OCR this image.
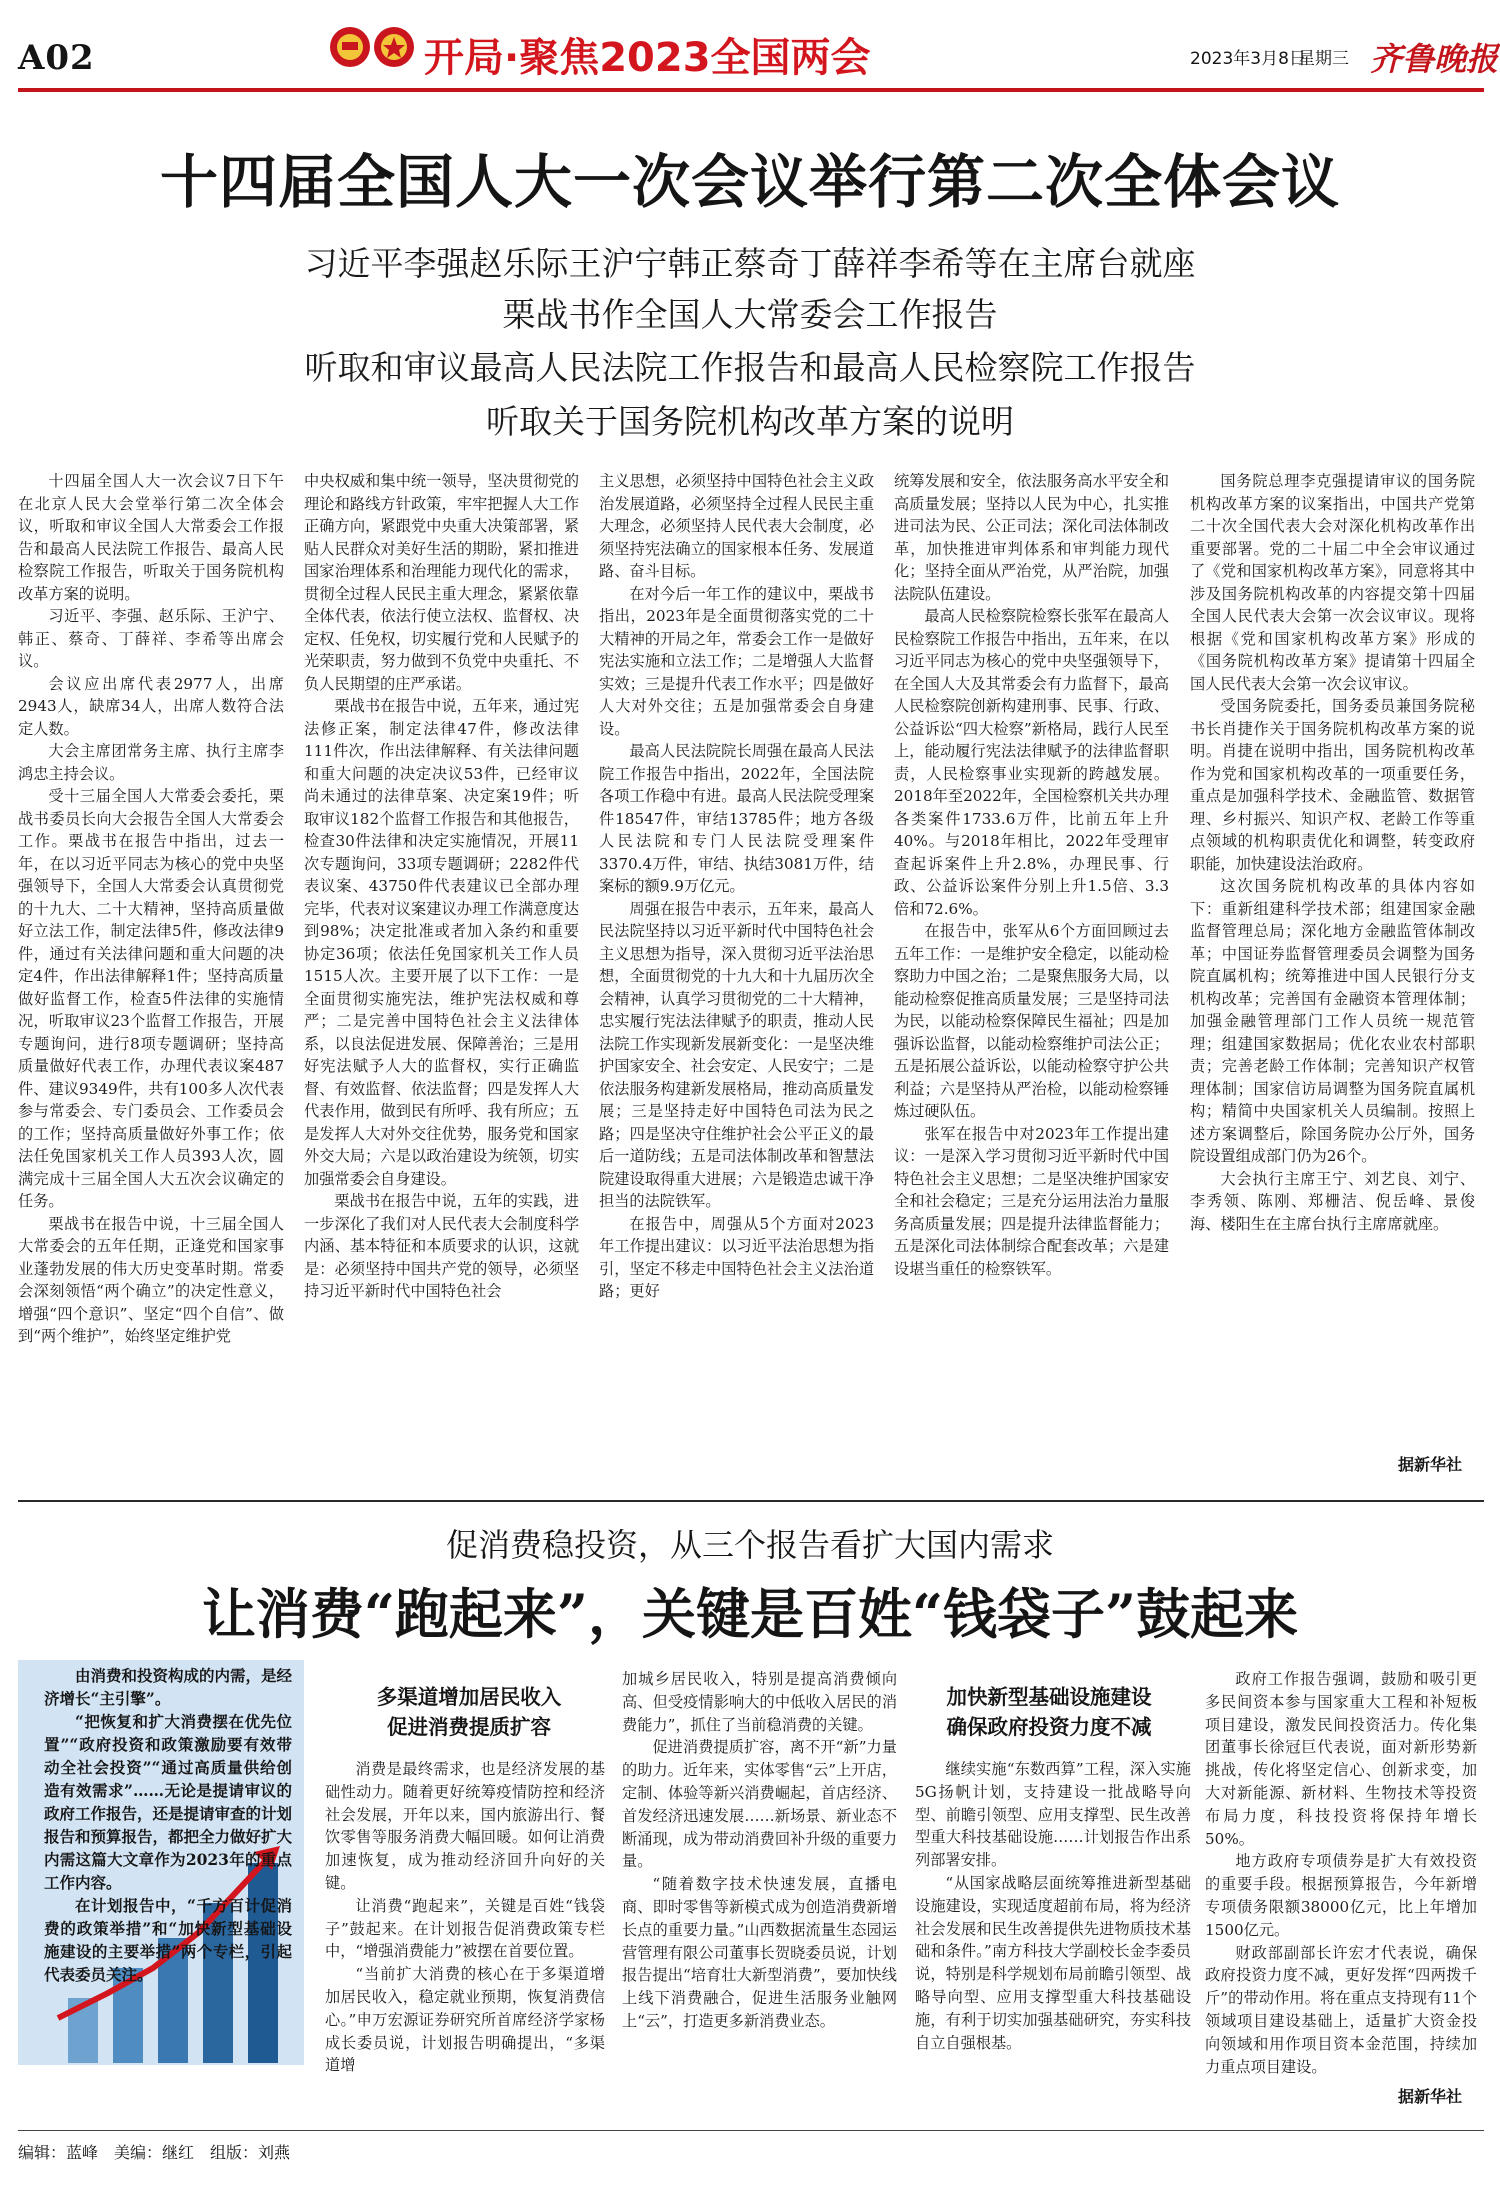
A02	开局·聚焦2023全国两会	2023年3月8日
星期三 齐鲁晚报
十四届全国人大一次会议举行第二次全体会议
习近平李强赵乐际王沪宁韩正蔡奇丁薛祥李希等在主席台就座
栗战书作全国人大常委会工作报告
听取和审议最高人民法院工作报告和最高人民检察院工作报告
听取关于国务院机构改革方案的说明

十四届全国人大一次会议7日下午在北京人民大会堂举行第二次全体会议，听取和审议全国人大常委会工作报告和最高人民法院工作报告、最高人民检察院工作报告，听取关于国务院机构改革方案的说明。

习近平、李强、赵乐际、王沪宁、韩正、蔡奇、丁薛祥、李希等出席会议。

会议应出席代表2977人，出席2943人，缺席34人，出席人数符合法定人数。

大会主席团常务主席、执行主席李鸿忠主持会议。

受十三届全国人大常委会委托，栗战书委员长向大会报告全国人大常委会工作。栗战书在报告中指出，过去一年，在以习近平同志为核心的党中央坚强领导下，全国人大常委会认真贯彻党的十九大、二十大精神，坚持高质量做好立法工作，制定法律5件，修改法律9件，通过有关法律问题和重大问题的决定4件，作出法律解释1件；坚持高质量做好监督工作，检查5件法律的实施情况，听取审议23个监督工作报告，开展专题询问，进行8项专题调研；坚持高质量做好代表工作，办理代表议案487件、建议9349件，共有100多人次代表参与常委会、专门委员会、工作委员会的工作；坚持高质量做好外事工作；依法任免国家机关工作人员393人次，圆满完成十三届全国人大五次会议确定的任务。

栗战书在报告中说，十三届全国人大常委会的五年任期，正逢党和国家事业蓬勃发展的伟大历史变革时期。常委会深刻领悟“两个确立”的决定性意义，增强“四个意识”、坚定“四个自信”、做到“两个维护”，始终坚定维护党

中央权威和集中统一领导，坚决贯彻党的理论和路线方针政策，牢牢把握人大工作正确方向，紧跟党中央重大决策部署，紧贴人民群众对美好生活的期盼，紧扣推进国家治理体系和治理能力现代化的需求，贯彻全过程人民民主重大理念，紧紧依靠全体代表，依法行使立法权、监督权、决定权、任免权，切实履行党和人民赋予的光荣职责，努力做到不负党中央重托、不负人民期望的庄严承诺。

栗战书在报告中说，五年来，通过宪法修正案，制定法律47件，修改法律111件次，作出法律解释、有关法律问题和重大问题的决定决议53件，已经审议尚未通过的法律草案、决定案19件；听取审议182个监督工作报告和其他报告，检查30件法律和决定实施情况，开展11次专题询问，33项专题调研；2282件代表议案、43750件代表建议已全部办理完毕，代表对议案建议办理工作满意度达到98%；决定批准或者加入条约和重要协定36项；依法任免国家机关工作人员1515人次。主要开展了以下工作：一是全面贯彻实施宪法，维护宪法权威和尊严；二是完善中国特色社会主义法律体系，以良法促进发展、保障善治；三是用好宪法赋予人大的监督权，实行正确监督、有效监督、依法监督；四是发挥人大代表作用，做到民有所呼、我有所应；五是发挥人大对外交往优势，服务党和国家外交大局；六是以政治建设为统领，切实加强常委会自身建设。

栗战书在报告中说，五年的实践，进一步深化了我们对人民代表大会制度科学内涵、基本特征和本质要求的认识，这就是：必须坚持中国共产党的领导，必须坚持习近平新时代中国特色社会

主义思想，必须坚持中国特色社会主义政治发展道路，必须坚持全过程人民民主重大理念，必须坚持人民代表大会制度，必须坚持宪法确立的国家根本任务、发展道路、奋斗目标。

在对今后一年工作的建议中，栗战书指出，2023年是全面贯彻落实党的二十大精神的开局之年，常委会工作一是做好宪法实施和立法工作；二是增强人大监督实效；三是提升代表工作水平；四是做好人大对外交往；五是加强常委会自身建设。

最高人民法院院长周强在最高人民法院工作报告中指出，2022年，全国法院各项工作稳中有进。最高人民法院受理案件18547件，审结13785件；地方各级人民法院和专门人民法院受理案件3370.4万件，审结、执结3081万件，结案标的额9.9万亿元。

周强在报告中表示，五年来，最高人民法院坚持以习近平新时代中国特色社会主义思想为指导，深入贯彻习近平法治思想，全面贯彻党的十九大和十九届历次全会精神，认真学习贯彻党的二十大精神，忠实履行宪法法律赋予的职责，推动人民法院工作实现新发展新变化：一是坚决维护国家安全、社会安定、人民安宁；二是依法服务构建新发展格局，推动高质量发展；三是坚持走好中国特色司法为民之路；四是坚决守住维护社会公平正义的最后一道防线；五是司法体制改革和智慧法院建设取得重大进展；六是锻造忠诚干净担当的法院铁军。

在报告中，周强从5个方面对2023年工作提出建议：以习近平法治思想为指引，坚定不移走中国特色社会主义法治道路；更好

统筹发展和安全，依法服务高水平安全和高质量发展；坚持以人民为中心，扎实推进司法为民、公正司法；深化司法体制改革，加快推进审判体系和审判能力现代化；坚持全面从严治党，从严治院，加强法院队伍建设。

最高人民检察院检察长张军在最高人民检察院工作报告中指出，五年来，在以习近平同志为核心的党中央坚强领导下，在全国人大及其常委会有力监督下，最高人民检察院创新构建刑事、民事、行政、公益诉讼“四大检察”新格局，践行人民至上，能动履行宪法法律赋予的法律监督职责，人民检察事业实现新的跨越发展。2018年至2022年，全国检察机关共办理各类案件1733.6万件，比前五年上升40%。与2018年相比，2022年受理审查起诉案件上升2.8%，办理民事、行政、公益诉讼案件分别上升1.5倍、3.3倍和72.6%。

在报告中，张军从6个方面回顾过去五年工作：一是维护安全稳定，以能动检察助力中国之治；二是聚焦服务大局，以能动检察促推高质量发展；三是坚持司法为民，以能动检察保障民生福祉；四是加强诉讼监督，以能动检察维护司法公正；五是拓展公益诉讼，以能动检察守护公共利益；六是坚持从严治检，以能动检察锤炼过硬队伍。

张军在报告中对2023年工作提出建议：一是深入学习贯彻习近平新时代中国特色社会主义思想；二是坚决维护国家安全和社会稳定；三是充分运用法治力量服务高质量发展；四是提升法律监督能力；五是深化司法体制综合配套改革；六是建设堪当重任的检察铁军。

国务院总理李克强提请审议的国务院机构改革方案的议案指出，中国共产党第二十次全国代表大会对深化机构改革作出重要部署。党的二十届二中全会审议通过了《党和国家机构改革方案》，同意将其中涉及国务院机构改革的内容提交第十四届全国人民代表大会第一次会议审议。现将根据《党和国家机构改革方案》形成的《国务院机构改革方案》提请第十四届全国人民代表大会第一次会议审议。

受国务院委托，国务委员兼国务院秘书长肖捷作关于国务院机构改革方案的说明。肖捷在说明中指出，国务院机构改革作为党和国家机构改革的一项重要任务，重点是加强科学技术、金融监管、数据管理、乡村振兴、知识产权、老龄工作等重点领域的机构职责优化和调整，转变政府职能，加快建设法治政府。

这次国务院机构改革的具体内容如下：重新组建科学技术部；组建国家金融监督管理总局；深化地方金融监管体制改革；中国证券监督管理委员会调整为国务院直属机构；统筹推进中国人民银行分支机构改革；完善国有金融资本管理体制；加强金融管理部门工作人员统一规范管理；组建国家数据局；优化农业农村部职责；完善老龄工作体制；完善知识产权管理体制；国家信访局调整为国务院直属机构；精简中央国家机关人员编制。按照上述方案调整后，除国务院办公厅外，国务院设置组成部门仍为26个。

大会执行主席王宁、刘艺良、刘宁、李秀领、陈刚、郑栅洁、倪岳峰、景俊海、楼阳生在主席台执行主席席就座。

据新华社
促消费稳投资，从三个报告看扩大国内需求
让消费“跑起来”，关键是百姓“钱袋子”鼓起来

由消费和投资构成的内需，是经济增长“主引擎”。

“把恢复和扩大消费摆在优先位置”“政府投资和政策激励要有效带动全社会投资”“通过高质量供给创造有效需求”……无论是提请审议的政府工作报告，还是提请审查的计划报告和预算报告，都把全力做好扩大内需这篇大文章作为2023年的重点工作内容。

在计划报告中，“千方百计促消费的政策举措”和“加快新型基础设施建设的主要举措”两个专栏，引起代表委员关注。

多渠道增加居民收入
促进消费提质扩容
加快新型基础设施建设
确保政府投资力度不减

消费是最终需求，也是经济发展的基础性动力。随着更好统筹疫情防控和经济社会发展，开年以来，国内旅游出行、餐饮零售等服务消费大幅回暖。如何让消费加速恢复，成为推动经济回升向好的关键。

让消费“跑起来”，关键是百姓“钱袋子”鼓起来。在计划报告促消费政策专栏中，“增强消费能力”被摆在首要位置。

“当前扩大消费的核心在于多渠道增加居民收入，稳定就业预期，恢复消费信心。”申万宏源证券研究所首席经济学家杨成长委员说，计划报告明确提出，“多渠道增

加城乡居民收入，特别是提高消费倾向高、但受疫情影响大的中低收入居民的消费能力”，抓住了当前稳消费的关键。

促进消费提质扩容，离不开“新”力量的助力。近年来，实体零售“云”上开店，定制、体验等新兴消费崛起，首店经济、首发经济迅速发展……新场景、新业态不断涌现，成为带动消费回补升级的重要力量。

“随着数字技术快速发展，直播电商、即时零售等新模式成为创造消费新增长点的重要力量。”山西数据流量生态园运营管理有限公司董事长贺晓委员说，计划报告提出“培育壮大新型消费”，要加快线上线下消费融合，促进生活服务业触网上“云”，打造更多新消费业态。

继续实施“东数西算”工程，深入实施5G扬帆计划，支持建设一批战略导向型、前瞻引领型、应用支撑型、民生改善型重大科技基础设施……计划报告作出系列部署安排。

“从国家战略层面统筹推进新型基础设施建设，实现适度超前布局，将为经济社会发展和民生改善提供先进物质技术基础和条件。”南方科技大学副校长金李委员说，特别是科学规划布局前瞻引领型、战略导向型、应用支撑型重大科技基础设施，有利于切实加强基础研究，夯实科技自立自强根基。

政府工作报告强调，鼓励和吸引更多民间资本参与国家重大工程和补短板项目建设，激发民间投资活力。传化集团董事长徐冠巨代表说，面对新形势新挑战，传化将坚定信心、创新求变，加大对新能源、新材料、生物技术等投资布局力度，科技投资将保持年增长50%。

地方政府专项债券是扩大有效投资的重要手段。根据预算报告，今年新增专项债务限额38000亿元，比上年增加1500亿元。

财政部副部长许宏才代表说，确保政府投资力度不减，更好发挥“四两拨千斤”的带动作用。将在重点支持现有11个领域项目建设基础上，适量扩大资金投向领域和用作项目资本金范围，持续加力重点项目建设。

据新华社
编辑：蓝峰　美编：继红　组版：刘燕
